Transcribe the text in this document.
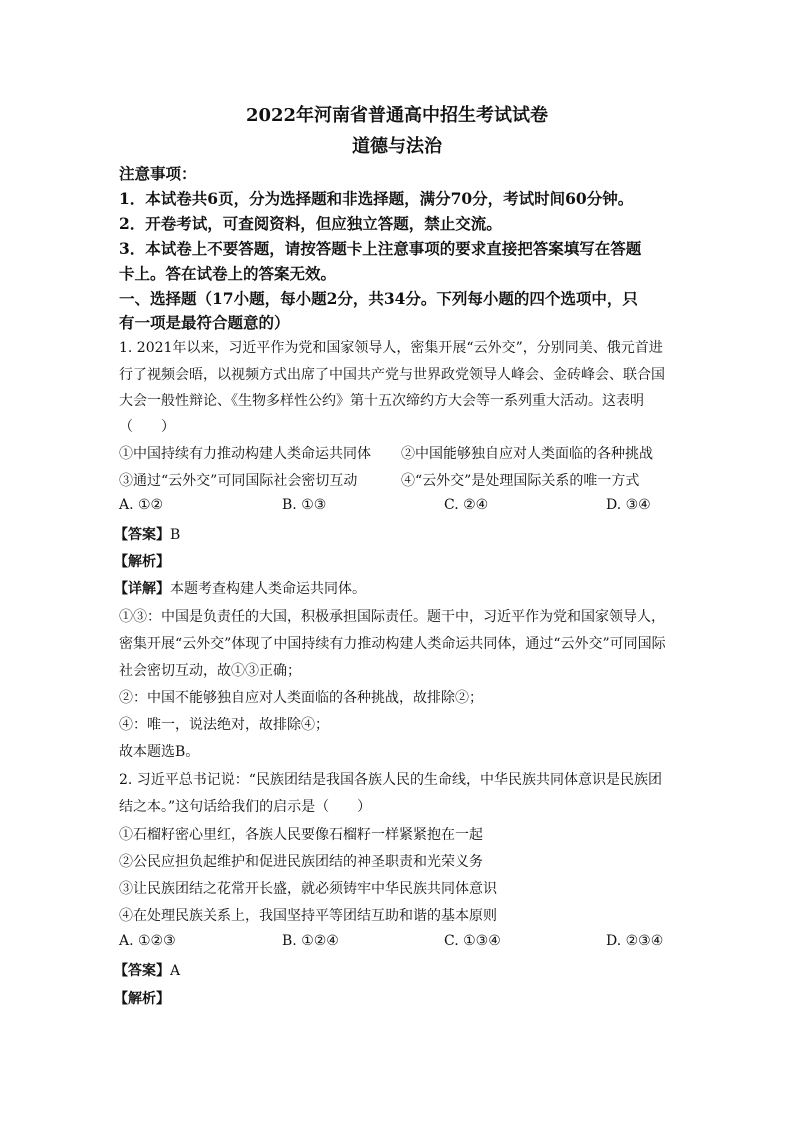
2022年河南省普通高中招生考试试卷
道德与法治
注意事项：
1．本试卷共6页，分为选择题和非选择题，满分70分，考试时间60分钟。
2．开卷考试，可查阅资料，但应独立答题，禁止交流。
3．本试卷上不要答题，请按答题卡上注意事项的要求直接把答案填写在答题
卡上。答在试卷上的答案无效。
一、选择题（17小题，每小题2分，共34分。下列每小题的四个选项中，只
有一项是最符合题意的）
1. 2021年以来，习近平作为党和国家领导人，密集开展“云外交”，分别同美、俄元首进
行了视频会晤，以视频方式出席了中国共产党与世界政党领导人峰会、金砖峰会、联合国
大会一般性辩论、《生物多样性公约》第十五次缔约方大会等一系列重大活动。这表明
（　　）
①中国持续有力推动构建人类命运共同体 ②中国能够独自应对人类面临的各种挑战
③通过“云外交”可同国际社会密切互动	④“云外交”是处理国际关系的唯一方式
A. ①②	B. ①③	C. ②④	D. ③④
【答案】B
【解析】
【详解】本题考查构建人类命运共同体。
①③：中国是负责任的大国，积极承担国际责任。题干中，习近平作为党和国家领导人，
密集开展“云外交”体现了中国持续有力推动构建人类命运共同体，通过“云外交”可同国际
社会密切互动，故①③正确；
②：中国不能够独自应对人类面临的各种挑战，故排除②；
④：唯一，说法绝对，故排除④；
故本题选B。
2. 习近平总书记说：“民族团结是我国各族人民的生命线，中华民族共同体意识是民族团
结之本。”这句话给我们的启示是（　　）
①石榴籽密心里红，各族人民要像石榴籽一样紧紧抱在一起
②公民应担负起维护和促进民族团结的神圣职责和光荣义务
③让民族团结之花常开长盛，就必须铸牢中华民族共同体意识
④在处理民族关系上，我国坚持平等团结互助和谐的基本原则
A. ①②③	B. ①②④	C. ①③④	D. ②③④
【答案】A
【解析】
